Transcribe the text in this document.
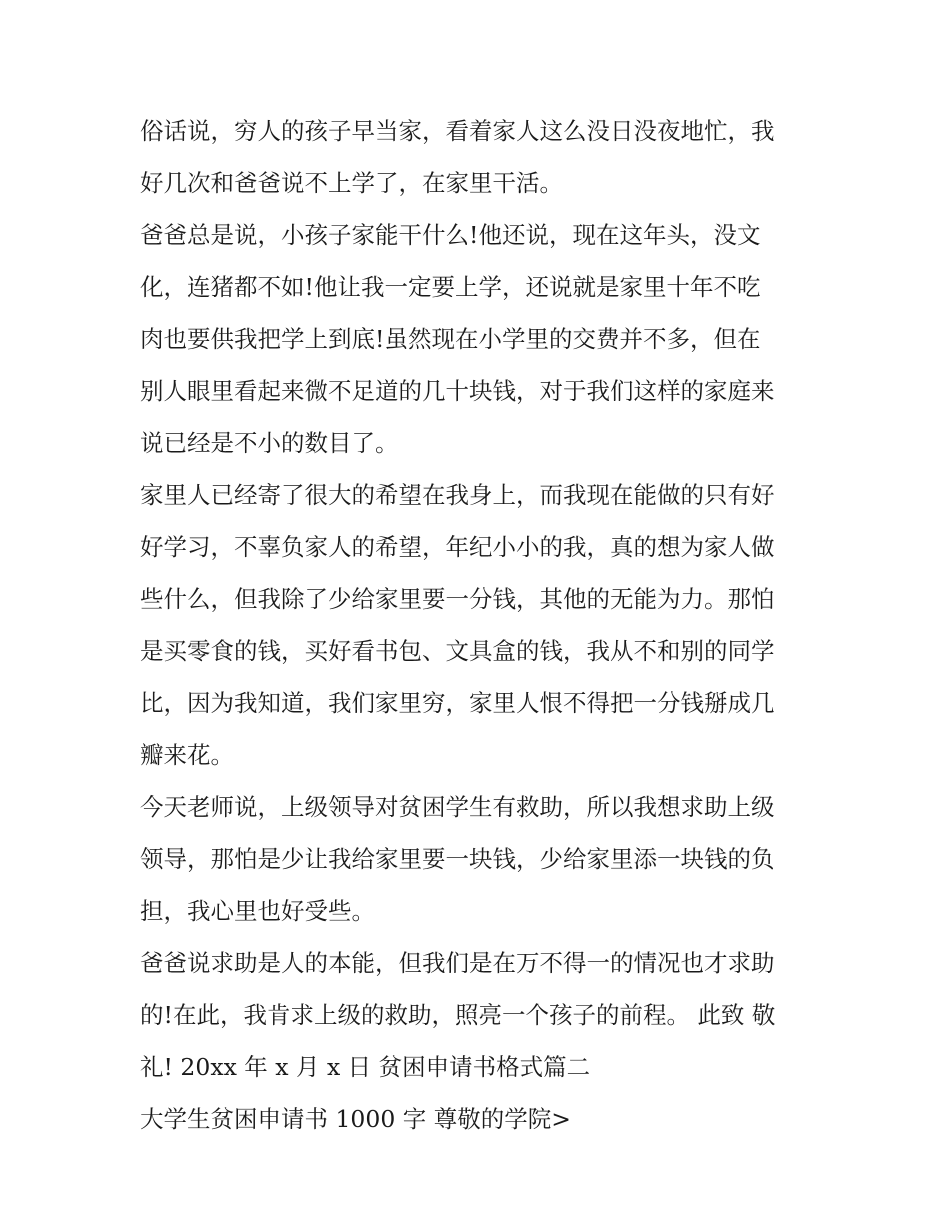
俗话说，穷人的孩子早当家，看着家人这么没日没夜地忙，我
好几次和爸爸说不上学了，在家里干活。
爸爸总是说，小孩子家能干什么!他还说，现在这年头，没文
化，连猪都不如!他让我一定要上学，还说就是家里十年不吃
肉也要供我把学上到底!虽然现在小学里的交费并不多，但在
别人眼里看起来微不足道的几十块钱，对于我们这样的家庭来
说已经是不小的数目了。
家里人已经寄了很大的希望在我身上，而我现在能做的只有好
好学习，不辜负家人的希望，年纪小小的我，真的想为家人做
些什么，但我除了少给家里要一分钱，其他的无能为力。那怕
是买零食的钱，买好看书包、文具盒的钱，我从不和别的同学
比，因为我知道，我们家里穷，家里人恨不得把一分钱掰成几
瓣来花。
今天老师说，上级领导对贫困学生有救助，所以我想求助上级
领导，那怕是少让我给家里要一块钱，少给家里添一块钱的负
担，我心里也好受些。
爸爸说求助是人的本能，但我们是在万不得一的情况也才求助
的!在此，我肯求上级的救助，照亮一个孩子的前程。 此致 敬
礼! 20xx 年 x 月 x 日 贫困申请书格式篇二
大学生贫困申请书 1000 字 尊敬的学院>
